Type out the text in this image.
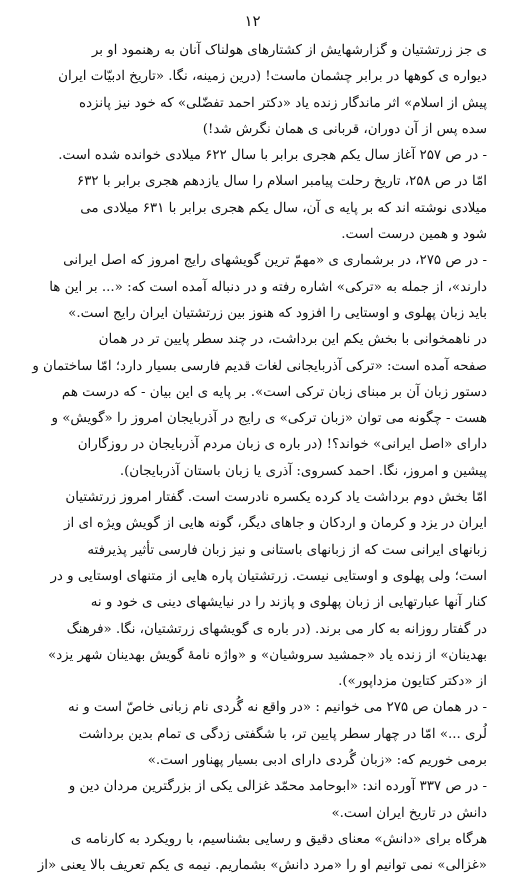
۱۲
ی جز زرتشتیان و گزارشهایش از کشتارهای هولناک آنان به رهنمود او بر
دیواره ی کوهها در برابر چشمان ماست! (درین زمینه، نگا. «تاریخ ادبیّات ایران
پیش از اسلام» اثر ماندگار زنده یاد «دکتر احمد تفضّلی» که خود نیز پانزده
سده پس از آن دوران، قربانی ی همان نگرش شد!)
- در ص ۲۵۷ آغاز سال یکم هجری برابر با سال ۶۲۲ میلادی خوانده شده است.
امّا در ص ۲۵۸، تاریخ رحلت پیامبر اسلام را سال یازدهم هجری برابر با ۶۳۲
میلادی نوشته اند که بر پایه ی آن، سال یکم هجری برابر با ۶۳۱ میلادی می
شود و همین درست است.
- در ص ۲۷۵، در برشماری ی «مهمّ ترین گویشهای رایج امروز که اصل ایرانی
دارند»، از جمله به «ترکی» اشاره رفته و در دنباله آمده است که: «... بر این ها
باید زبان پهلوی و اوستایی را افزود که هنوز بین زرتشتیان ایران رایج است.»
در ناهمخوانی با بخش یکم این برداشت، در چند سطر پایین تر در همان
صفحه آمده است: «ترکی آذربایجانی لغات قدیم فارسی بسیار دارد؛ امّا ساختمان و
دستور زبان آن بر مبنای زبان ترکی است». بر پایه ی این بیان - که درست هم
هست - چگونه می توان «زبان ترکی» ی رایج در آذربایجان امروز را «گویش» و
دارای «اصل ایرانی» خواند؟! (در باره ی زبان مردم آذربایجان در روزگاران
پیشین و امروز، نگا. احمد کسروی: آذری یا زبان باستان آذربایجان).
امّا بخش دوم برداشت یاد کرده یکسره نادرست است. گفتار امروز زرتشتیان
ایران در یزد و کرمان و اردکان و جاهای دیگر، گونه هایی از گویش ویژه ای از
زبانهای ایرانی ست که از زبانهای باستانی و نیز زبان فارسی تأثیر پذیرفته
است؛ ولی پهلوی و اوستایی نیست. زرتشتیان پاره هایی از متنهای اوستایی و در
کنار آنها عبارتهایی از زبان پهلوی و پازند را در نیایشهای دینی ی خود و نه
در گفتار روزانه به کار می برند. (در باره ی گویشهای زرتشتیان، نگا. «فرهنگ
بهدینان» از زنده یاد «جمشید سروشیان» و «واژه نامهٔ گویش بهدینان شهر یزد»
از «دکتر کتایون مزداپور»).
- در همان ص ۲۷۵ می خوانیم : «در واقع نه گُردی نام زبانی خاصّ است و نه
لُری ...» امّا در چهار سطر پایین تر، با شگفتی زدگی ی تمام بدین برداشت
برمی خوریم که: «زبان گُردی دارای ادبی بسیار پهناور است.»
- در ص ۳۳۷ آورده اند: «ابوحامد محمّد غزالی یکی از بزرگترین مردان دین و
دانش در تاریخ ایران است.»
هرگاه برای «دانش» معنای دقیق و رسایی بشناسیم، با رویکرد به کارنامه ی
«غزالی» نمی توانیم او را «مرد دانش» بشماریم. نیمه ی یکم تعریف بالا یعنی «از
